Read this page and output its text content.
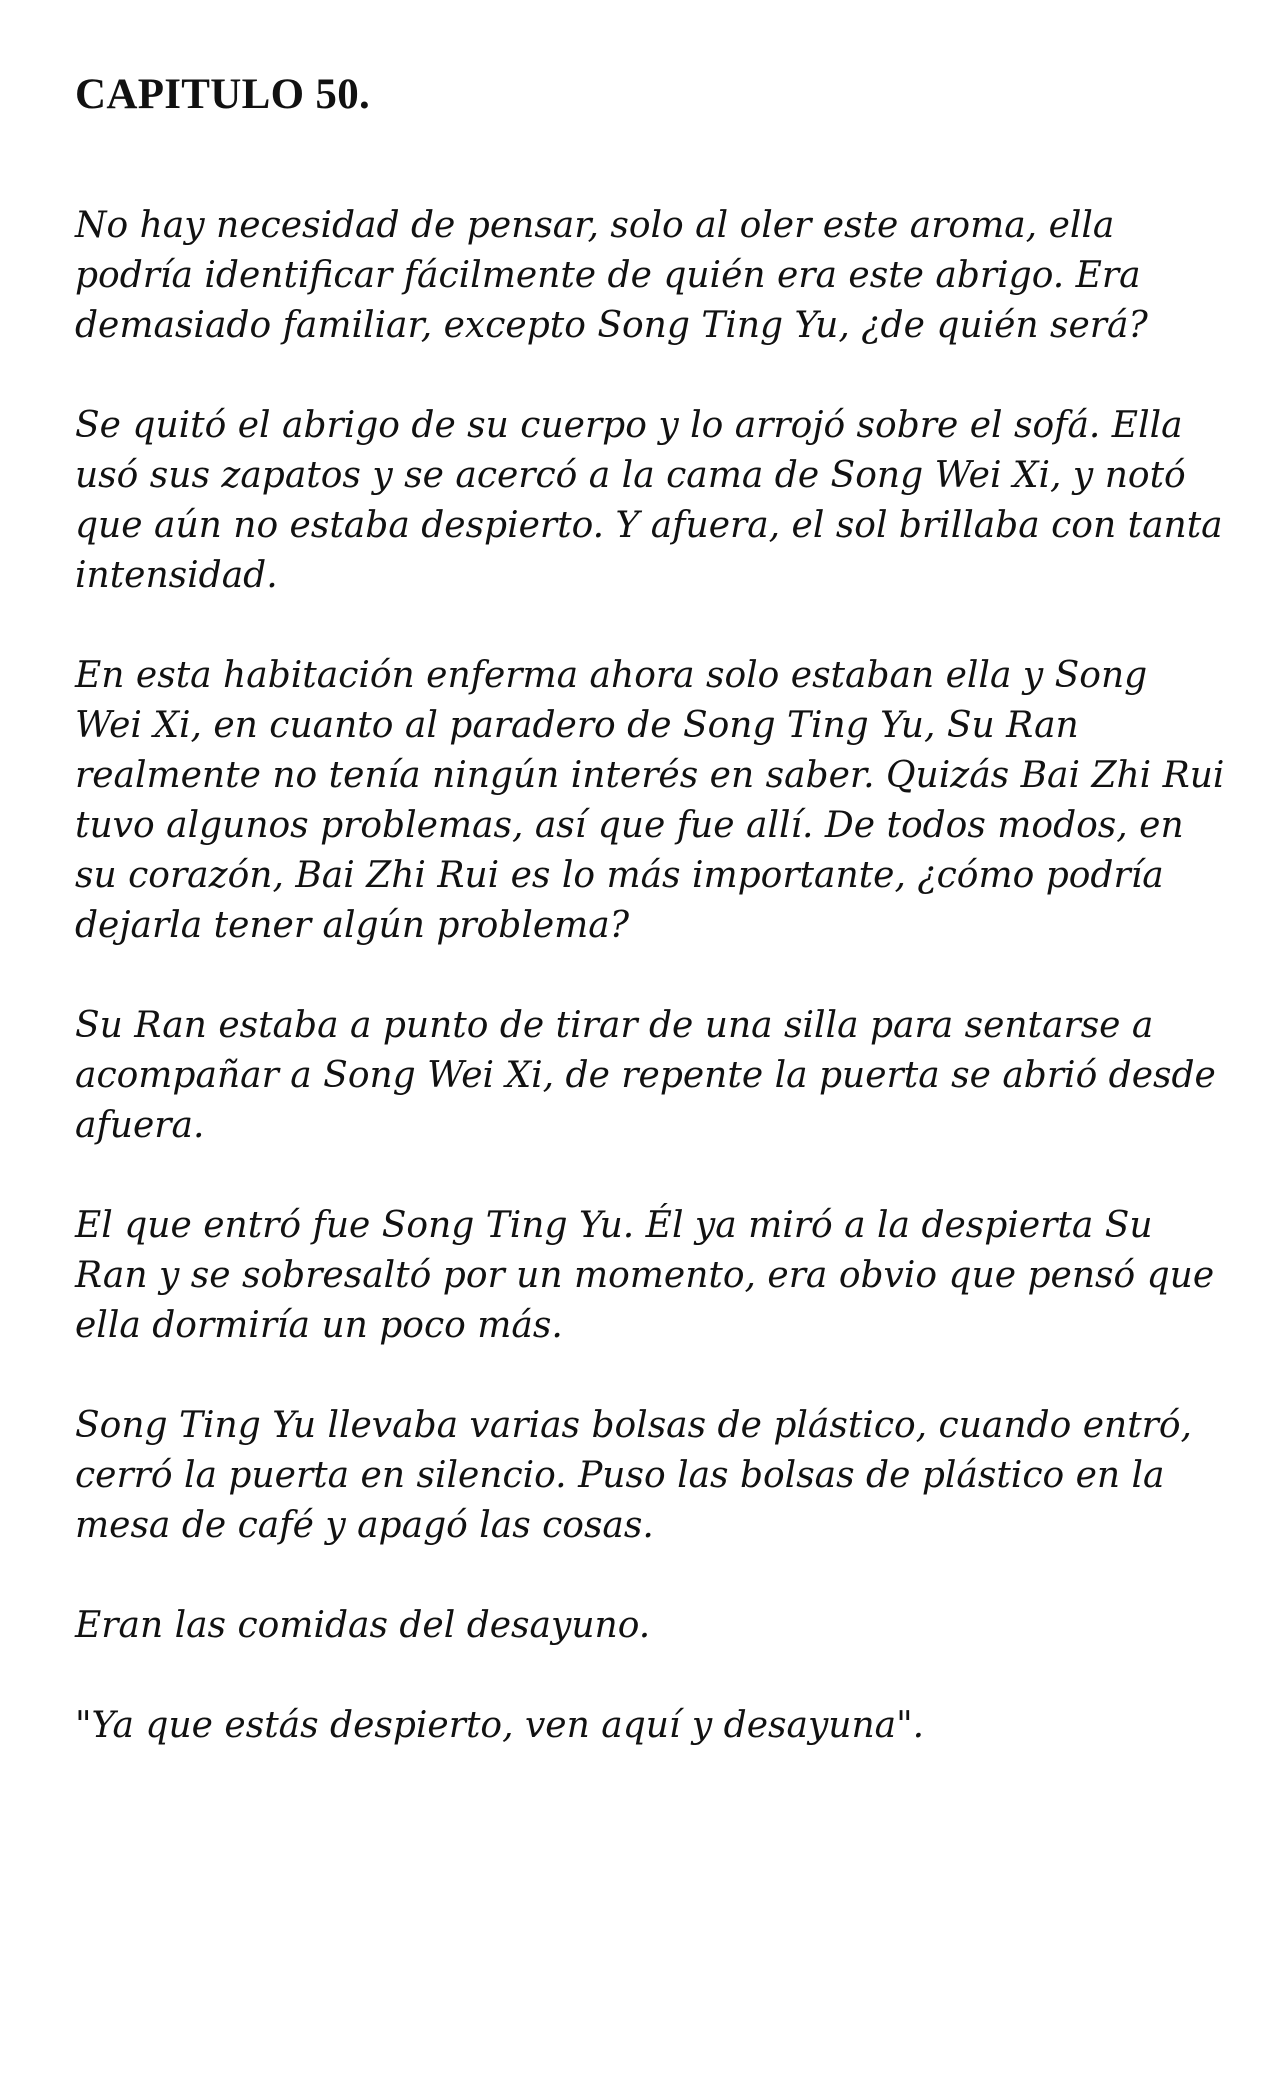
CAPITULO 50.

No hay necesidad de pensar, solo al oler este aroma, ella podría identificar fácilmente de quién era este abrigo. Era demasiado familiar, excepto Song Ting Yu, ¿de quién será?

Se quitó el abrigo de su cuerpo y lo arrojó sobre el sofá. Ella usó sus zapatos y se acercó a la cama de Song Wei Xi, y notó que aún no estaba despierto. Y afuera, el sol brillaba con tanta intensidad.

En esta habitación enferma ahora solo estaban ella y Song Wei Xi, en cuanto al paradero de Song Ting Yu, Su Ran realmente no tenía ningún interés en saber. Quizás Bai Zhi Rui tuvo algunos problemas, así que fue allí. De todos modos, en su corazón, Bai Zhi Rui es lo más importante, ¿cómo podría dejarla tener algún problema?

Su Ran estaba a punto de tirar de una silla para sentarse a acompañar a Song Wei Xi, de repente la puerta se abrió desde afuera.

El que entró fue Song Ting Yu. Él ya miró a la despierta Su Ran y se sobresaltó por un momento, era obvio que pensó que ella dormiría un poco más.

Song Ting Yu llevaba varias bolsas de plástico, cuando entró, cerró la puerta en silencio. Puso las bolsas de plástico en la mesa de café y apagó las cosas.

Eran las comidas del desayuno.

"Ya que estás despierto, ven aquí y desayuna".
